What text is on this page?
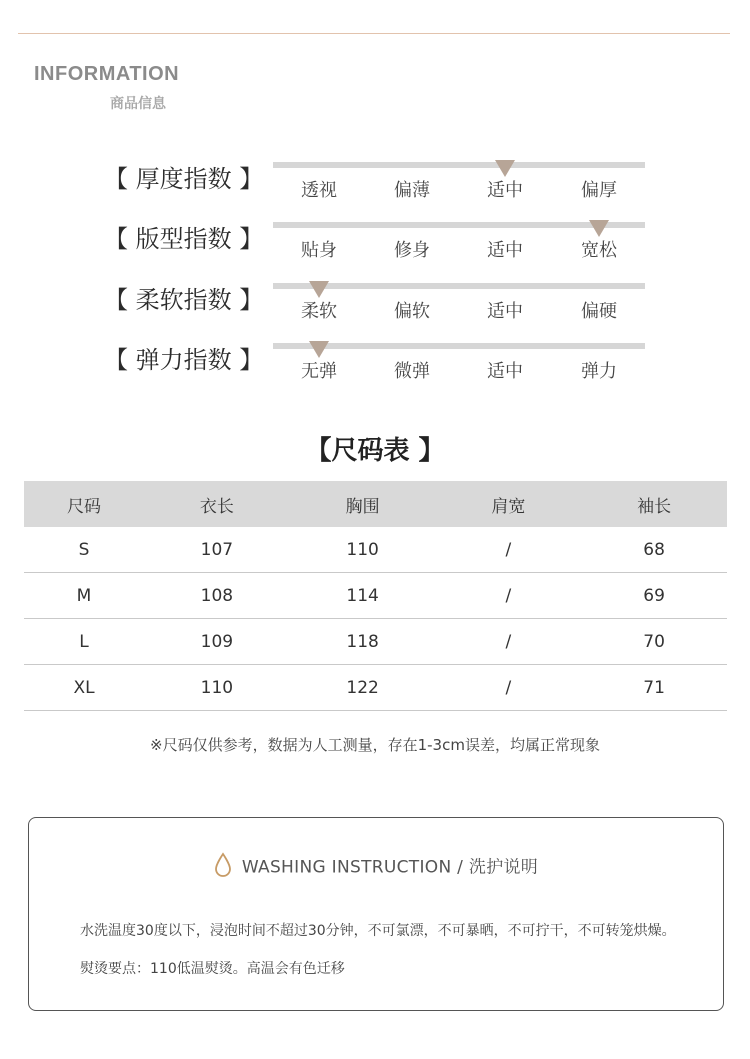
INFORMATION
商品信息
【 厚度指数 】	透视	偏薄	适中	偏厚
【 版型指数 】	贴身	修身	适中	宽松
【 柔软指数 】	柔软	偏软	适中	偏硬
【 弹力指数 】	无弹	微弹	适中	弹力
【尺码表 】
尺码	衣长	胸围	肩宽	袖长
S	107	110	/	68
M	108	114	/	69
L	109	118	/	70
XL	110	122	/	71
※尺码仅供参考，数据为人工测量，存在1-3cm误差，均属正常现象
WASHING INSTRUCTION / 洗护说明
水洗温度30度以下，浸泡时间不超过30分钟，不可氯漂，不可暴晒，不可拧干，不可转笼烘燥。
熨烫要点：110低温熨烫。高温会有色迁移
